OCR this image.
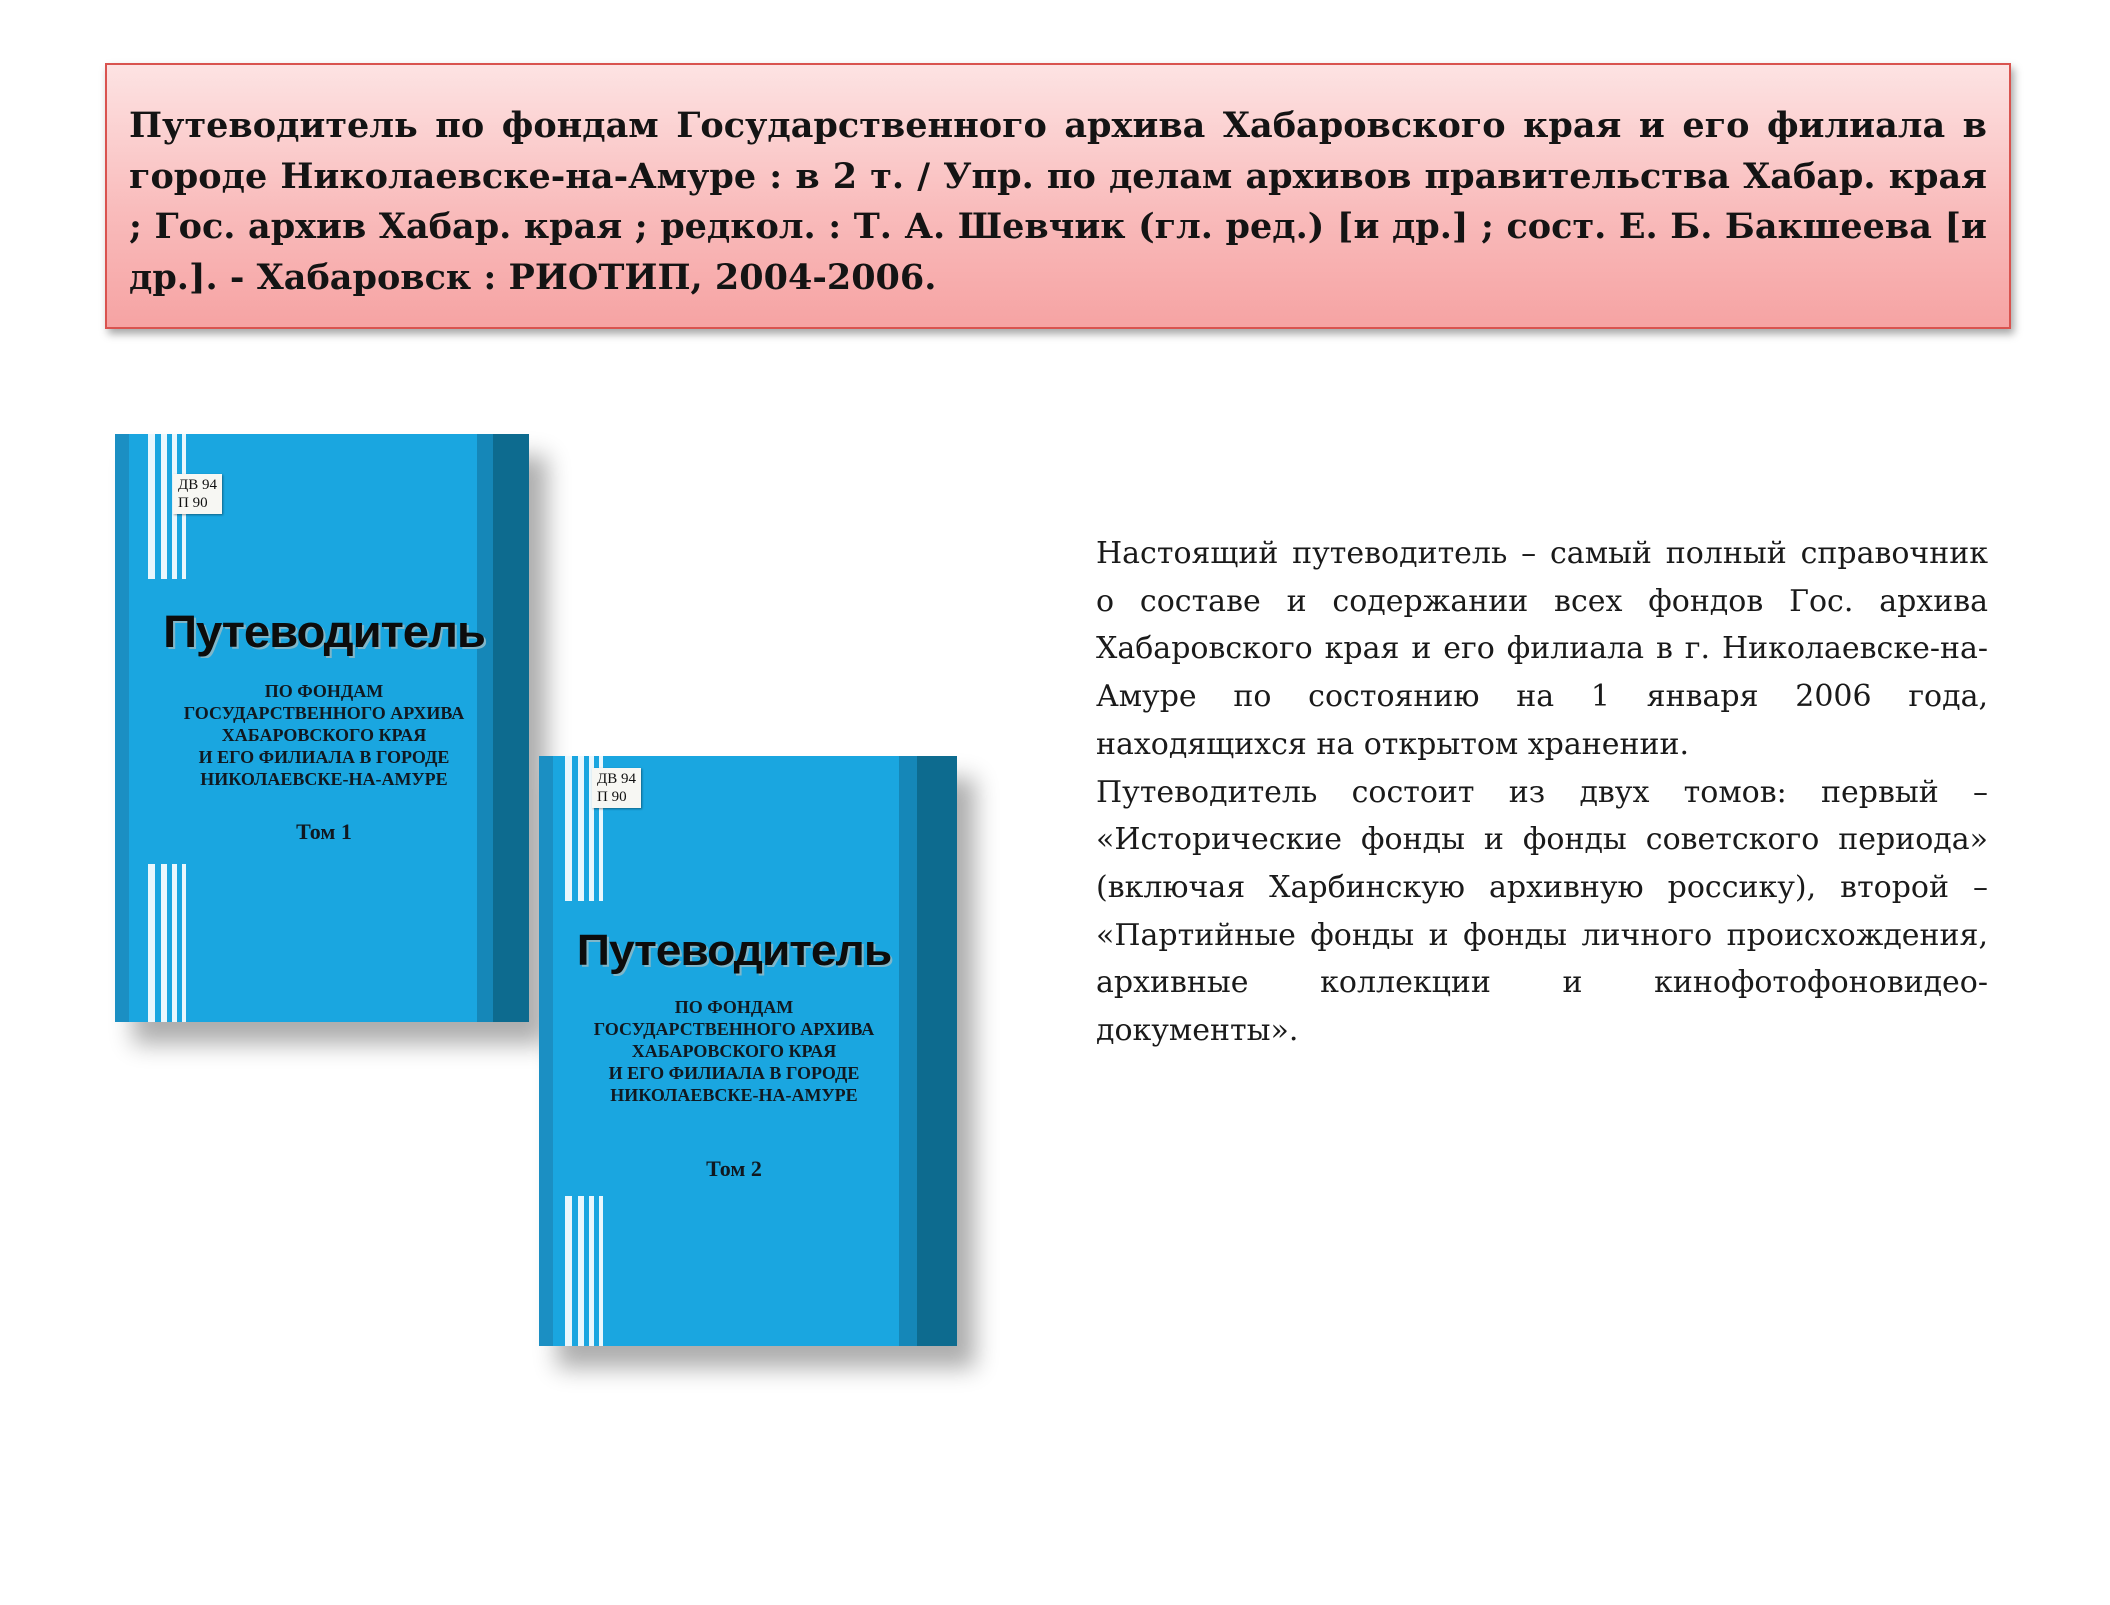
Путеводитель по фондам Государственного архива Хабаровского края и его филиала в городе Николаевске-на-Амуре : в 2 т. / Упр. по делам архивов правительства Хабар. края ; Гос. архив Хабар. края ; редкол. : Т. А. Шевчик (гл. ред.) [и др.] ; сост. Е. Б. Бакшеева [и др.]. - Хабаровск : РИОТИП, 2004-2006.

ДВ 94
П 90
Путеводитель
ПО ФОНДАМ
ГОСУДАРСТВЕННОГО АРХИВА
ХАБАРОВСКОГО КРАЯ
И ЕГО ФИЛИАЛА В ГОРОДЕ
НИКОЛАЕВСКЕ-НА-АМУРЕ
Том 1
ДВ 94
П 90
Путеводитель
ПО ФОНДАМ
ГОСУДАРСТВЕННОГО АРХИВА
ХАБАРОВСКОГО КРАЯ
И ЕГО ФИЛИАЛА В ГОРОДЕ
НИКОЛАЕВСКЕ-НА-АМУРЕ
Том 2

Настоящий путеводитель – самый полный справочник о составе и содержании всех фондов Гос. архива Хабаровского края и его филиала в г. Николаевске-на-Амуре по состоянию на 1 января 2006 года, находящихся на открытом хранении.

Путеводитель состоит из двух томов: первый – «Исторические фонды и фонды советского периода» (включая Харбинскую архивную россику), второй – «Партийные фонды и фонды личного происхождения, архивные коллекции и кинофотофоновидео-документы».
